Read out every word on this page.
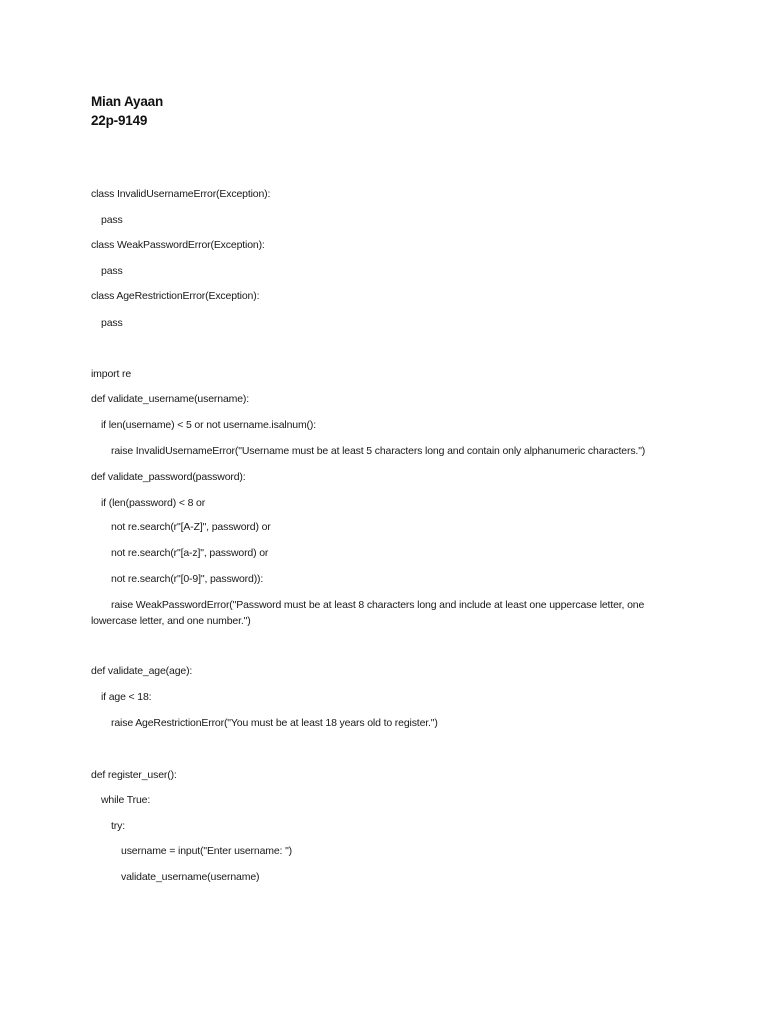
Mian Ayaan
22p-9149
class InvalidUsernameError(Exception):
pass
class WeakPasswordError(Exception):
pass
class AgeRestrictionError(Exception):
pass
import re
def validate_username(username):
if len(username) < 5 or not username.isalnum():
raise InvalidUsernameError("Username must be at least 5 characters long and contain only alphanumeric characters.")
def validate_password(password):
if (len(password) < 8 or
not re.search(r"[A-Z]", password) or
not re.search(r"[a-z]", password) or
not re.search(r"[0-9]", password)):
raise WeakPasswordError("Password must be at least 8 characters long and include at least one uppercase letter, one
lowercase letter, and one number.")
def validate_age(age):
if age < 18:
raise AgeRestrictionError("You must be at least 18 years old to register.")
def register_user():
while True:
try:
username = input("Enter username: ")
validate_username(username)
